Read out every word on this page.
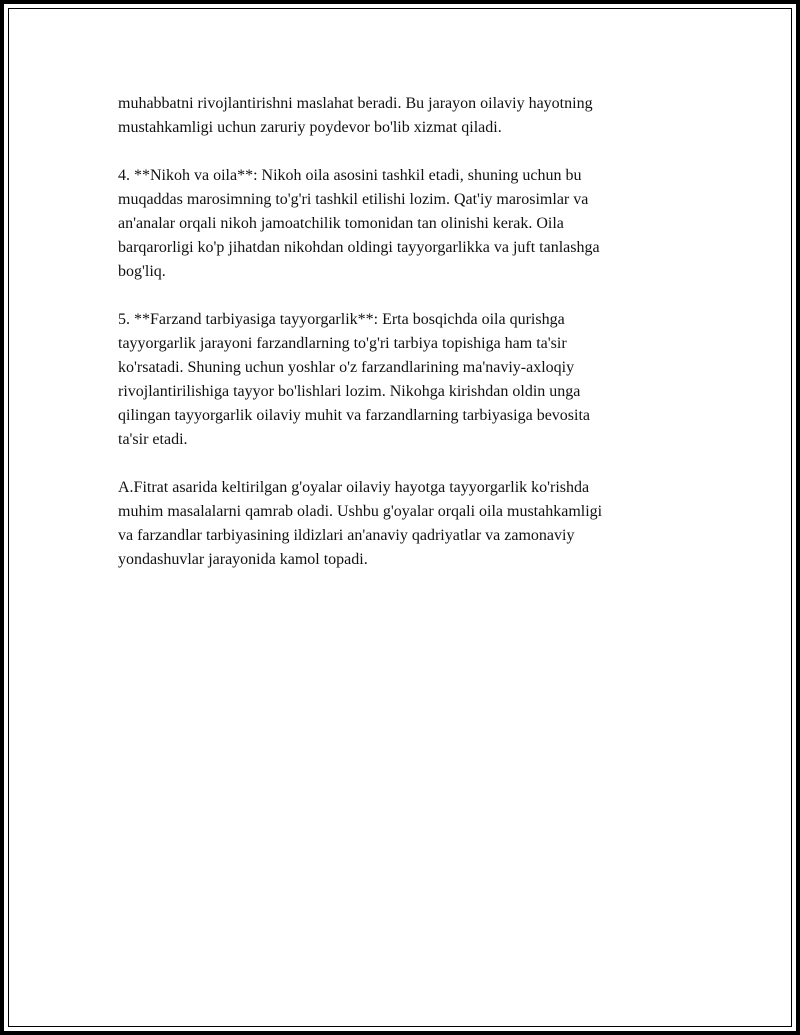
muhabbatni rivojlantirishni maslahat beradi. Bu jarayon oilaviy hayotning
mustahkamligi uchun zaruriy poydevor bo'lib xizmat qiladi.

4. **Nikoh va oila**: Nikoh oila asosini tashkil etadi, shuning uchun bu
muqaddas marosimning to'g'ri tashkil etilishi lozim. Qat'iy marosimlar va
an'analar orqali nikoh jamoatchilik tomonidan tan olinishi kerak. Oila
barqarorligi ko'p jihatdan nikohdan oldingi tayyorgarlikka va juft tanlashga
bog'liq.

5. **Farzand tarbiyasiga tayyorgarlik**: Erta bosqichda oila qurishga
tayyorgarlik jarayoni farzandlarning to'g'ri tarbiya topishiga ham ta'sir
ko'rsatadi. Shuning uchun yoshlar o'z farzandlarining ma'naviy-axloqiy
rivojlantirilishiga tayyor bo'lishlari lozim. Nikohga kirishdan oldin unga
qilingan tayyorgarlik oilaviy muhit va farzandlarning tarbiyasiga bevosita
ta'sir etadi.

A.Fitrat asarida keltirilgan g'oyalar oilaviy hayotga tayyorgarlik ko'rishda
muhim masalalarni qamrab oladi. Ushbu g'oyalar orqali oila mustahkamligi
va farzandlar tarbiyasining ildizlari an'anaviy qadriyatlar va zamonaviy
yondashuvlar jarayonida kamol topadi.
